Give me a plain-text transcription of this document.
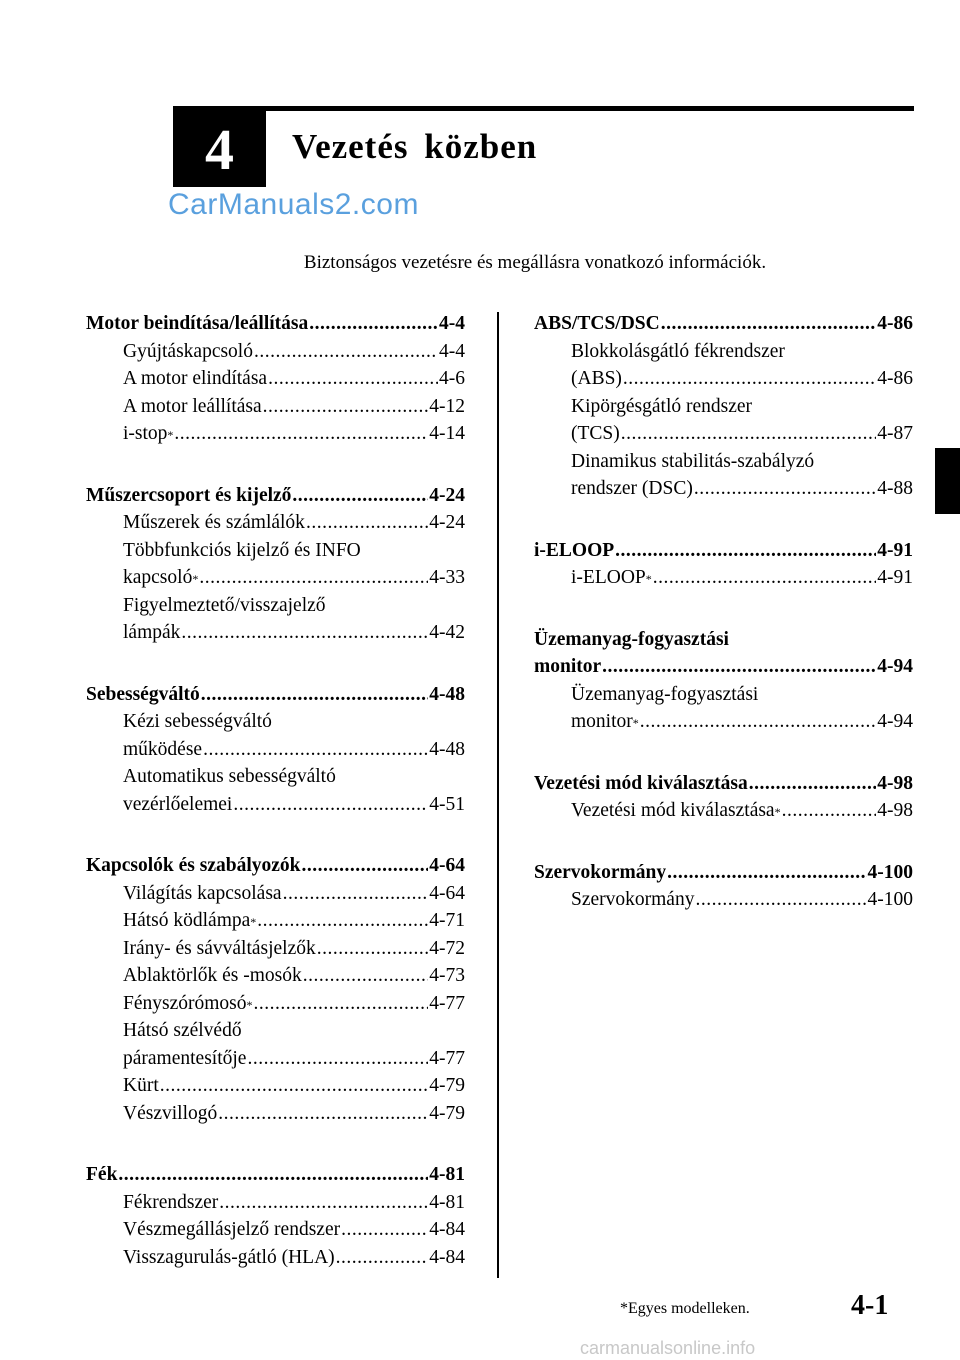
4 Vezetés közben
CarManuals2.com
Biztonságos vezetésre és megállásra vonatkozó információk.
Motor beindítása/leállítása .....	4-4
Gyújtáskapcsoló .....	4-4
A motor elindítása .....	4-6
A motor leállítása .....	4-12
i-stop * .....	4-14
Műszercsoport és kijelző .....	4-24
Műszerek és számlálók .....	4-24
Többfunkciós kijelző és INFO
kapcsoló * .....	4-33
Figyelmeztető/visszajelző
lámpák .....	4-42
Sebességváltó .....	4-48
Kézi sebességváltó
működése .....	4-48
Automatikus sebességváltó
vezérlőelemei .....	4-51
Kapcsolók és szabályozók .....	4-64
Világítás kapcsolása .....	4-64
Hátsó ködlámpa * .....	4-71
Irány- és sávváltásjelzők .....	4-72
Ablaktörlők és -mosók .....	4-73
Fényszórómosó * .....	4-77
Hátsó szélvédő
páramentesítője .....	4-77
Kürt .....	4-79
Vészvillogó .....	4-79
Fék .....	4-81
Fékrendszer .....	4-81
Vészmegállásjelző rendszer .....	4-84
Visszagurulás-gátló (HLA) .....	4-84
ABS/TCS/DSC .....	4-86
Blokkolásgátló fékrendszer
(ABS) .....	4-86
Kipörgésgátló rendszer
(TCS) .....	4-87
Dinamikus stabilitás-szabályzó
rendszer (DSC) .....	4-88
i-ELOOP .....	4-91
i-ELOOP * .....	4-91
Üzemanyag-fogyasztási
monitor .....	4-94
Üzemanyag-fogyasztási
monitor * .....	4-94
Vezetési mód kiválasztása .....	4-98
Vezetési mód kiválasztása * .....	4-98
Szervokormány .....	4-100
Szervokormány .....	4-100
*Egyes modelleken.	4-1
carmanualsonline.info
